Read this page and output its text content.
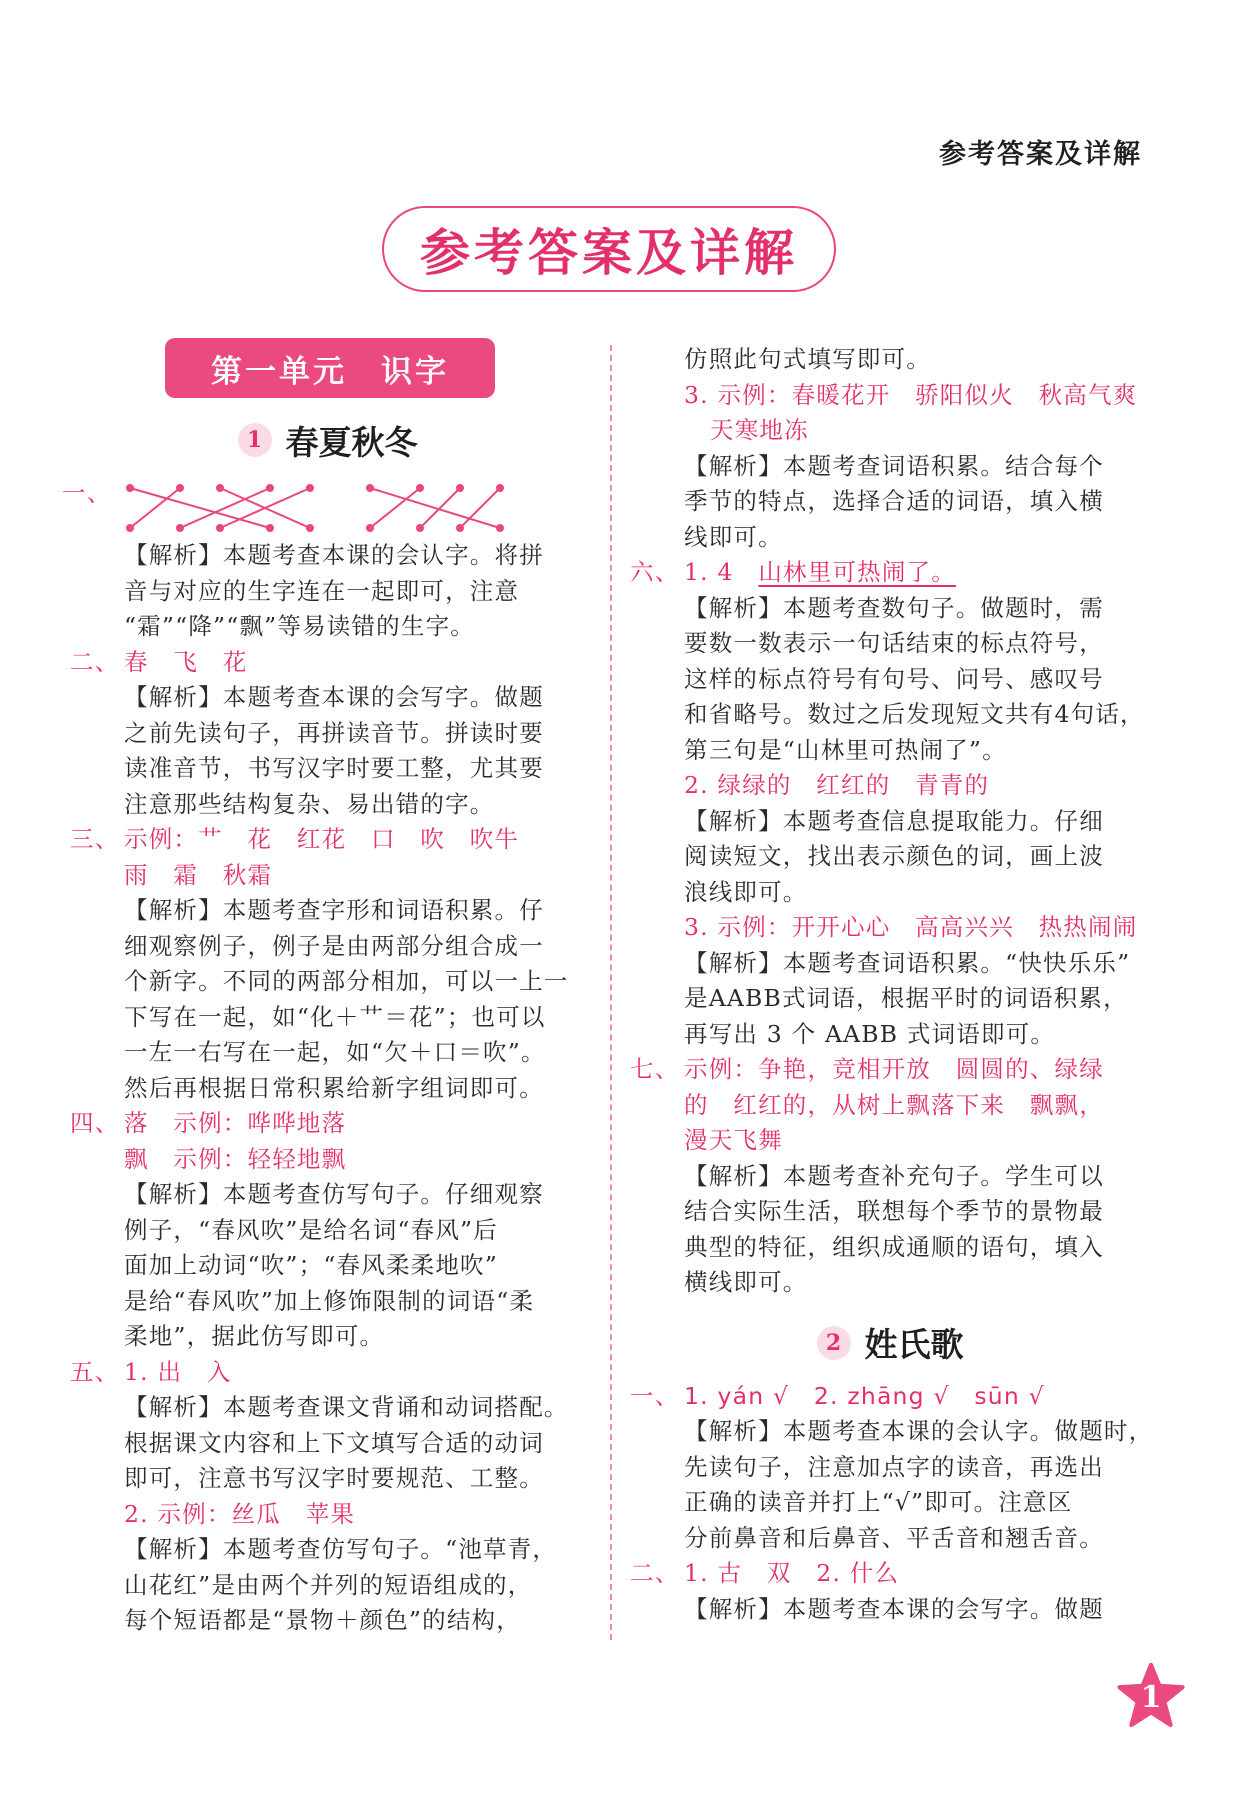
参考答案及详解
参考答案及详解
第一单元　识字
1 春夏秋冬
一、
【解析】本题考查本课的会认字。将拼
音与对应的生字连在一起即可，注意
“霜”“降”“飘”等易读错的生字。
二、 春　飞　花
【解析】本题考查本课的会写字。做题
之前先读句子，再拼读音节。拼读时要
读准音节，书写汉字时要工整，尤其要
注意那些结构复杂、易出错的字。
三、 示例：艹　花　红花　口　吹　吹牛
雨　霜　秋霜
【解析】本题考查字形和词语积累。仔
细观察例子，例子是由两部分组合成一
个新字。不同的两部分相加，可以一上一
下写在一起，如“化＋艹＝花”；也可以
一左一右写在一起，如“欠＋口＝吹”。
然后再根据日常积累给新字组词即可。
四、 落　示例：哗哗地落
飘　示例：轻轻地飘
【解析】本题考查仿写句子。仔细观察
例子，“春风吹”是给名词“春风”后
面加上动词“吹”；“春风柔柔地吹”
是给“春风吹”加上修饰限制的词语“柔
柔地”，据此仿写即可。
五、 1. 出　入
【解析】本题考查课文背诵和动词搭配。
根据课文内容和上下文填写合适的动词
即可，注意书写汉字时要规范、工整。
2. 示例：丝瓜　苹果
【解析】本题考查仿写句子。“池草青，
山花红”是由两个并列的短语组成的，
每个短语都是“景物＋颜色”的结构，
仿照此句式填写即可。
3. 示例：春暖花开　骄阳似火　秋高气爽
天寒地冻
【解析】本题考查词语积累。结合每个
季节的特点，选择合适的词语，填入横
线即可。
六、 1. 4　山林里可热闹了。
【解析】本题考查数句子。做题时，需
要数一数表示一句话结束的标点符号，
这样的标点符号有句号、问号、感叹号
和省略号。数过之后发现短文共有4句话，
第三句是“山林里可热闹了”。
2. 绿绿的　红红的　青青的
【解析】本题考查信息提取能力。仔细
阅读短文，找出表示颜色的词，画上波
浪线即可。
3. 示例：开开心心　高高兴兴　热热闹闹
【解析】本题考查词语积累。“快快乐乐”
是AABB式词语，根据平时的词语积累，
再写出 3 个 AABB 式词语即可。
七、 示例：争艳，竞相开放　圆圆的、绿绿
的　红红的，从树上飘落下来　飘飘，
漫天飞舞
【解析】本题考查补充句子。学生可以
结合实际生活，联想每个季节的景物最
典型的特征，组织成通顺的语句，填入
横线即可。
2 姓氏歌
一、 1. yán √　2. zhāng √　sūn √
【解析】本题考查本课的会认字。做题时，
先读句子，注意加点字的读音，再选出
正确的读音并打上“√”即可。注意区
分前鼻音和后鼻音、平舌音和翘舌音。
二、 1. 古　双　2. 什么
【解析】本题考查本课的会写字。做题
1
